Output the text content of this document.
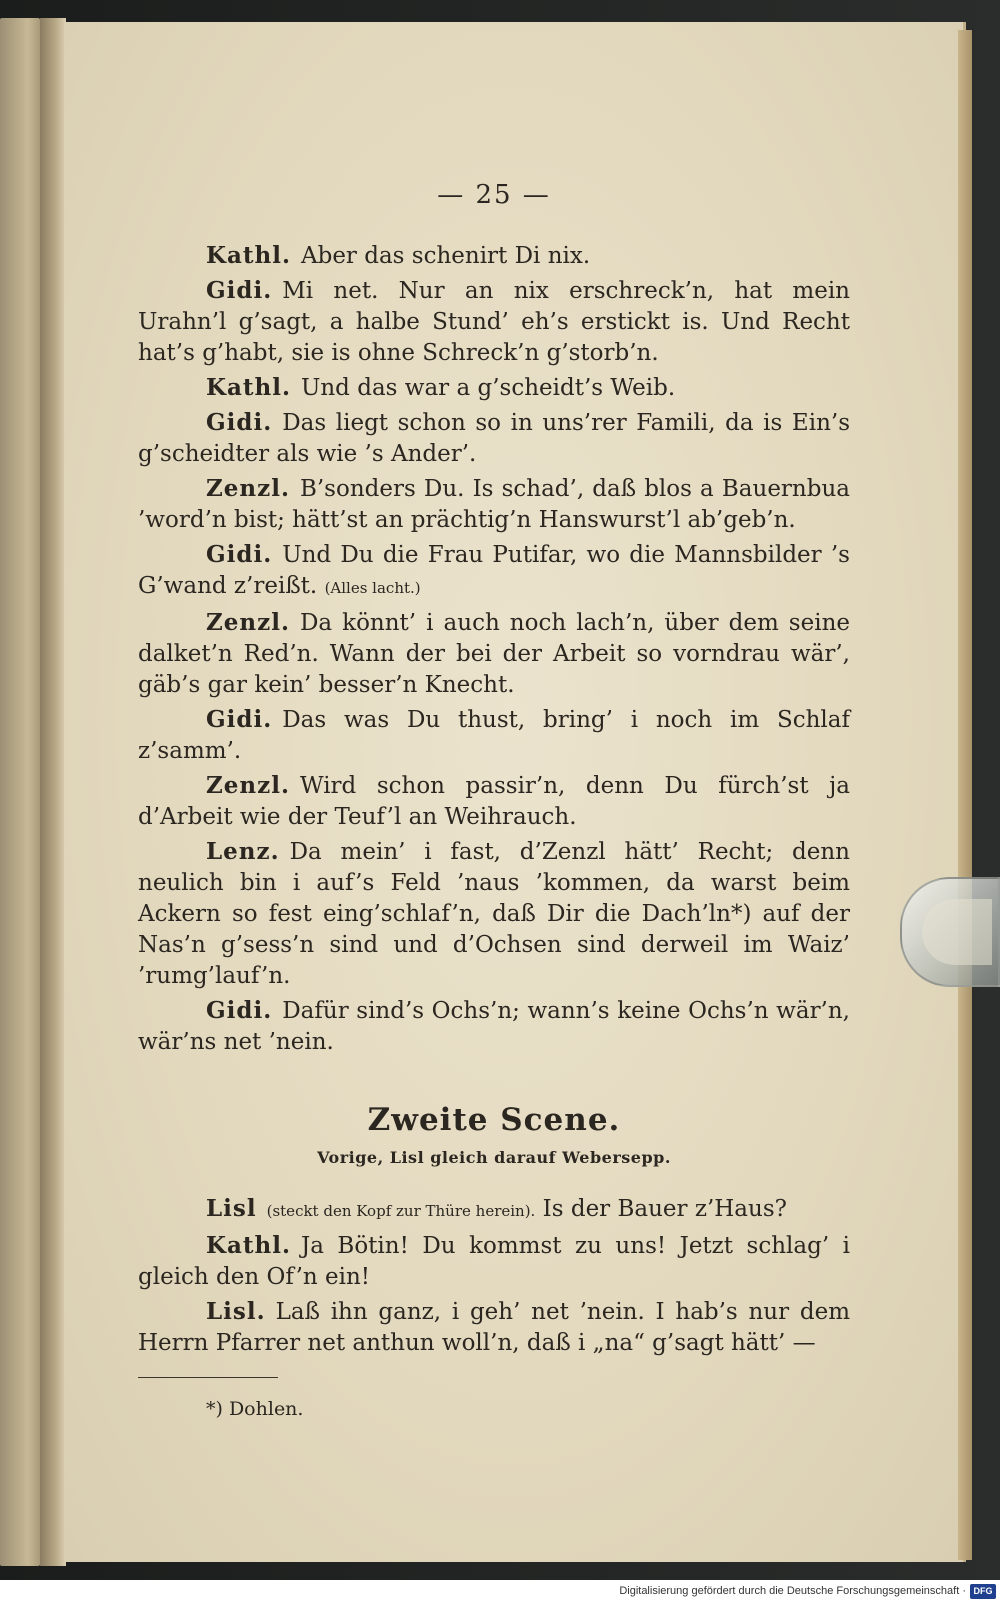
— 25 —

Kathl. Aber das schenirt Di nix.

Gidi. Mi net. Nur an nix erschreck’n, hat mein Urahn’l g’sagt, a halbe Stund’ eh’s erstickt is. Und Recht hat’s g’habt, sie is ohne Schreck’n g’storb’n.

Kathl. Und das war a g’scheidt’s Weib.

Gidi. Das liegt schon so in uns’rer Famili, da is Ein’s g’scheidter als wie ’s Ander’.

Zenzl. B’sonders Du. Is schad’, daß blos a Bauernbua ’word’n bist; hätt’st an prächtig’n Hanswurst’l ab’geb’n.

Gidi. Und Du die Frau Putifar, wo die Mannsbilder ’s G’wand z’reißt. (Alles lacht.)

Zenzl. Da könnt’ i auch noch lach’n, über dem seine dalket’n Red’n. Wann der bei der Arbeit so vorndrau wär’, gäb’s gar kein’ besser’n Knecht.

Gidi. Das was Du thust, bring’ i noch im Schlaf z’samm’.

Zenzl. Wird schon passir’n, denn Du fürch’st ja d’Arbeit wie der Teuf’l an Weihrauch.

Lenz. Da mein’ i fast, d’Zenzl hätt’ Recht; denn neulich bin i auf’s Feld ’naus ’kommen, da warst beim Ackern so fest eing’schlaf’n, daß Dir die Dach’ln*) auf der Nas’n g’sess’n sind und d’Ochsen sind derweil im Waiz’ ’rumg’lauf’n.

Gidi. Dafür sind’s Ochs’n; wann’s keine Ochs’n wär’n, wär’ns net ’nein.

Zweite Scene.
Vorige, Lisl gleich darauf Webersepp.

Lisl (steckt den Kopf zur Thüre herein). Is der Bauer z’Haus?

Kathl. Ja Bötin! Du kommst zu uns! Jetzt schlag’ i gleich den Of’n ein!

Lisl. Laß ihn ganz, i geh’ net ’nein. I hab’s nur dem Herrn Pfarrer net anthun woll’n, daß i „na“ g’sagt hätt’ —

*) Dohlen.
Digitalisierung gefördert durch die Deutsche Forschungsgemeinschaft · DFG
